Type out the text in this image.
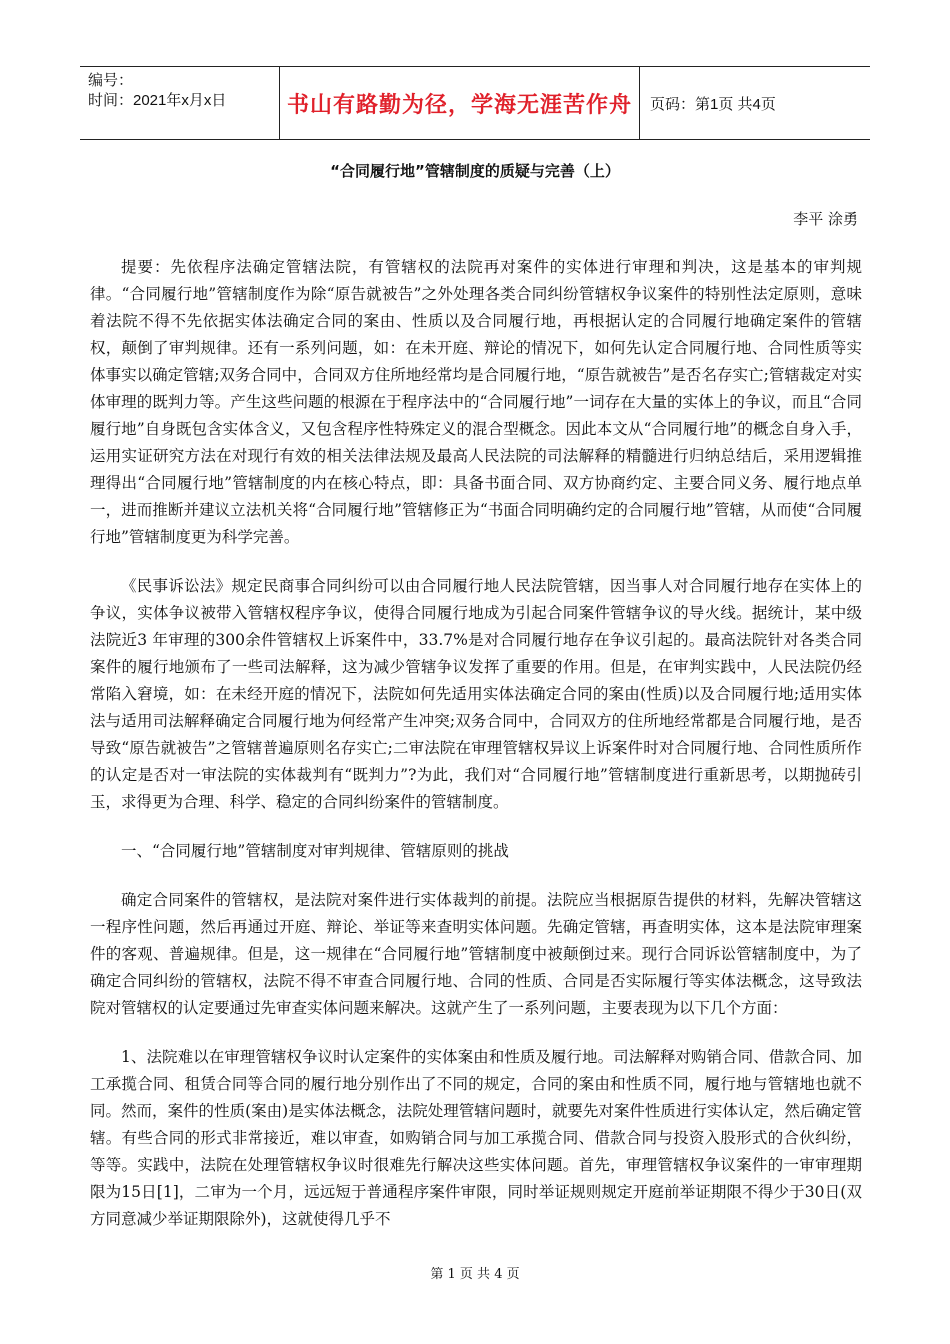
编号：
时间：2021年x月x日	书山有路勤为径，学海无涯苦作舟 页码：第1页 共4页
“合同履行地”管辖制度的质疑与完善（上）
李平 涂勇

提要：先依程序法确定管辖法院，有管辖权的法院再对案件的实体进行审理和判决，这是基本的审判规律。“合同履行地”管辖制度作为除“原告就被告”之外处理各类合同纠纷管辖权争议案件的特别性法定原则，意味着法院不得不先依据实体法确定合同的案由、性质以及合同履行地，再根据认定的合同履行地确定案件的管辖权，颠倒了审判规律。还有一系列问题，如：在未开庭、辩论的情况下，如何先认定合同履行地、合同性质等实体事实以确定管辖;双务合同中，合同双方住所地经常均是合同履行地，“原告就被告”是否名存实亡;管辖裁定对实体审理的既判力等。产生这些问题的根源在于程序法中的“合同履行地”一词存在大量的实体上的争议，而且“合同履行地”自身既包含实体含义，又包含程序性特殊定义的混合型概念。因此本文从“合同履行地”的概念自身入手，运用实证研究方法在对现行有效的相关法律法规及最高人民法院的司法解释的精髓进行归纳总结后，采用逻辑推理得出“合同履行地”管辖制度的内在核心特点，即：具备书面合同、双方协商约定、主要合同义务、履行地点单一，进而推断并建议立法机关将“合同履行地”管辖修正为“书面合同明确约定的合同履行地”管辖，从而使“合同履行地”管辖制度更为科学完善。

《民事诉讼法》规定民商事合同纠纷可以由合同履行地人民法院管辖，因当事人对合同履行地存在实体上的争议，实体争议被带入管辖权程序争议，使得合同履行地成为引起合同案件管辖争议的导火线。据统计，某中级法院近3 年审理的300余件管辖权上诉案件中，33.7%是对合同履行地存在争议引起的。最高法院针对各类合同案件的履行地颁布了一些司法解释，这为减少管辖争议发挥了重要的作用。但是，在审判实践中，人民法院仍经常陷入窘境，如：在未经开庭的情况下，法院如何先适用实体法确定合同的案由(性质)以及合同履行地;适用实体法与适用司法解释确定合同履行地为何经常产生冲突;双务合同中，合同双方的住所地经常都是合同履行地，是否导致“原告就被告”之管辖普遍原则名存实亡;二审法院在审理管辖权异议上诉案件时对合同履行地、合同性质所作的认定是否对一审法院的实体裁判有“既判力”?为此，我们对“合同履行地”管辖制度进行重新思考，以期抛砖引玉，求得更为合理、科学、稳定的合同纠纷案件的管辖制度。

一、“合同履行地”管辖制度对审判规律、管辖原则的挑战

确定合同案件的管辖权，是法院对案件进行实体裁判的前提。法院应当根据原告提供的材料，先解决管辖这一程序性问题，然后再通过开庭、辩论、举证等来查明实体问题。先确定管辖，再查明实体，这本是法院审理案件的客观、普遍规律。但是，这一规律在“合同履行地”管辖制度中被颠倒过来。现行合同诉讼管辖制度中，为了确定合同纠纷的管辖权，法院不得不审查合同履行地、合同的性质、合同是否实际履行等实体法概念，这导致法院对管辖权的认定要通过先审查实体问题来解决。这就产生了一系列问题，主要表现为以下几个方面：

1、法院难以在审理管辖权争议时认定案件的实体案由和性质及履行地。司法解释对购销合同、借款合同、加工承揽合同、租赁合同等合同的履行地分别作出了不同的规定，合同的案由和性质不同，履行地与管辖地也就不同。然而，案件的性质(案由)是实体法概念，法院处理管辖问题时，就要先对案件性质进行实体认定，然后确定管辖。有些合同的形式非常接近，难以审查，如购销合同与加工承揽合同、借款合同与投资入股形式的合伙纠纷，等等。实践中，法院在处理管辖权争议时很难先行解决这些实体问题。首先，审理管辖权争议案件的一审审理期限为15日[1]，二审为一个月，远远短于普通程序案件审限，同时举证规则规定开庭前举证期限不得少于30日(双方同意减少举证期限除外)，这就使得几乎不

第 1 页 共 4 页
